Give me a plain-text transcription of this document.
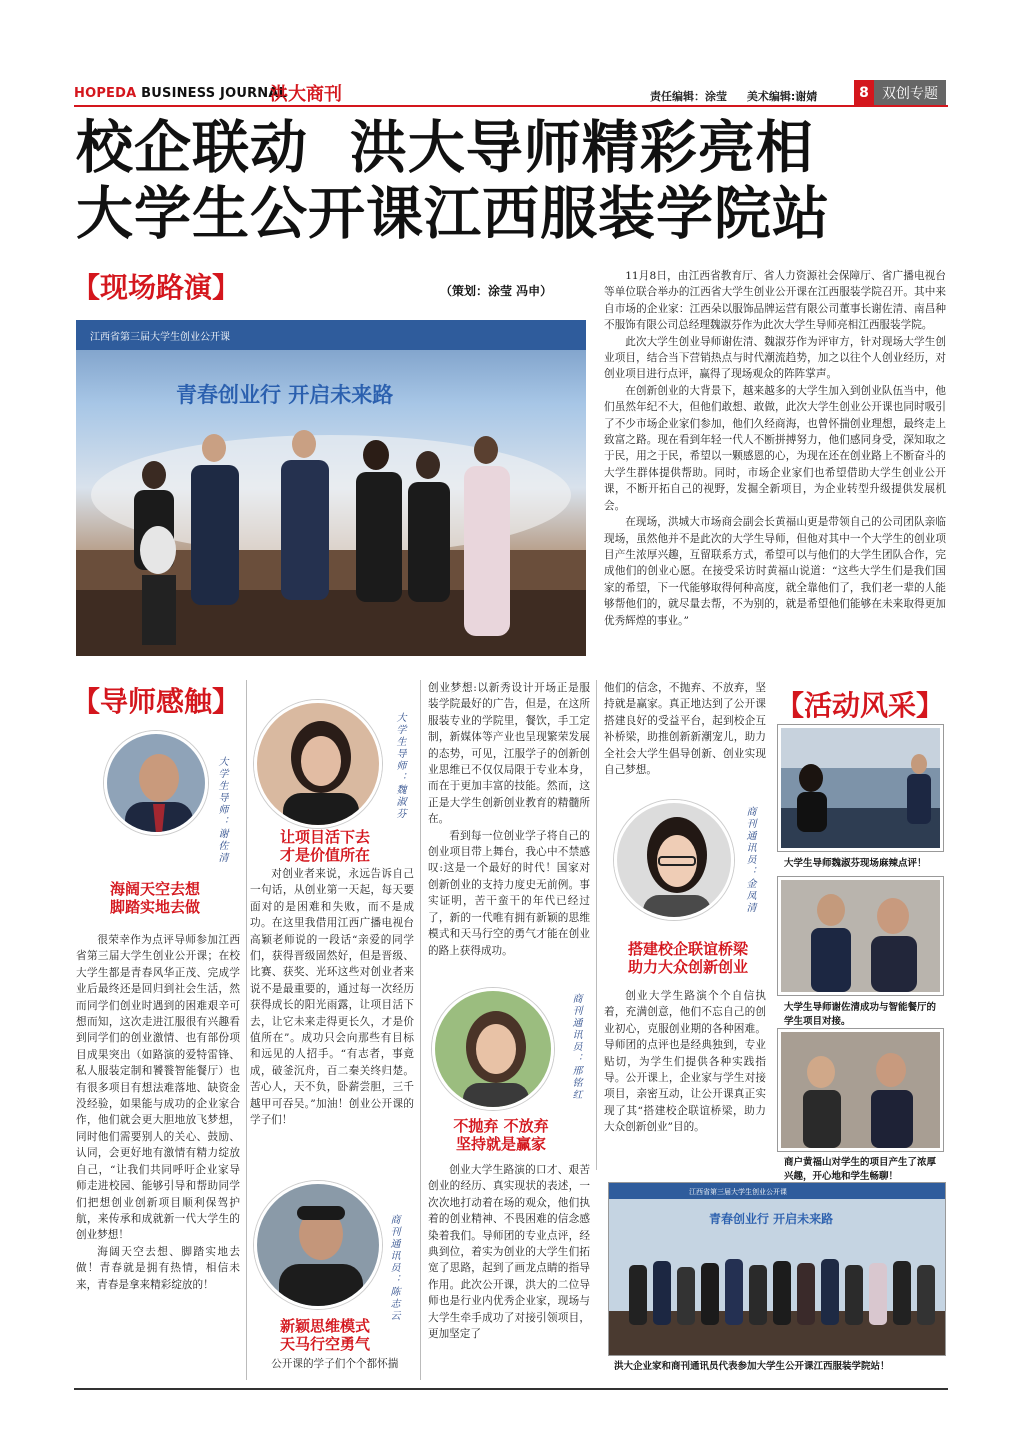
HOPEDA BUSINESS JOURNAL
洪大商刊	责任编辑：涂莹 美术编辑:谢婧	8 双创专题
校企联动  洪大导师精彩亮相
大学生公开课江西服装学院站
【现场路演】	（策划：涂莹 冯申）
江西省第三届大学生创业公开课
青春创业行 开启未来路

11月8日，由江西省教育厅、省人力资源社会保障厅、省广播电视台等单位联合举办的江西省大学生创业公开课在江西服装学院召开。其中来自市场的企业家：江西朵以服饰品牌运营有限公司董事长谢佐清、南昌种不服饰有限公司总经理魏淑芬作为此次大学生导师亮相江西服装学院。

此次大学生创业导师谢佐清、魏淑芬作为评审方，针对现场大学生创业项目，结合当下营销热点与时代潮流趋势，加之以往个人创业经历，对创业项目进行点评，赢得了现场观众的阵阵掌声。

在创新创业的大背景下，越来越多的大学生加入到创业队伍当中，他们虽然年纪不大，但他们敢想、敢做，此次大学生创业公开课也同时吸引了不少市场企业家们参加，他们久经商海，也曾怀揣创业理想，最终走上致富之路。现在看到年轻一代人不断拼搏努力，他们感同身受，深知取之于民，用之于民，希望以一颗感恩的心，为现在还在创业路上不断奋斗的大学生群体提供帮助。同时，市场企业家们也希望借助大学生创业公开课，不断开拓自己的视野，发掘全新项目，为企业转型升级提供发展机会。

在现场，洪城大市场商会副会长黄福山更是带领自己的公司团队亲临现场，虽然他并不是此次的大学生导师，但他对其中一个大学生的创业项目产生浓厚兴趣，互留联系方式，希望可以与他们的大学生团队合作，完成他们的创业心愿。在接受采访时黄福山说道：“这些大学生们是我们国家的希望，下一代能够取得何种高度，就全靠他们了，我们老一辈的人能够帮他们的，就尽量去帮，不为别的，就是希望他们能够在未来取得更加优秀辉煌的事业。”

【导师感触】
大学生导师：谢佐清
海阔天空去想
脚踏实地去做

很荣幸作为点评导师参加江西省第三届大学生创业公开课；在校大学生都是青春风华正茂、完成学业后最终还是回归到社会生活，然而同学们创业时遇到的困难艰辛可想而知，这次走进江服很有兴趣看到同学们的创业激情、也有部份项目成果突出（如路演的爱特雷锋、私人服装定制和饕餮智能餐厅）也有很多项目有想法难落地、缺资金没经验，如果能与成功的企业家合作，他们就会更大胆地放飞梦想，同时他们需要别人的关心、鼓励、认同，会更好地有激情有精力绽放自己，“让我们共同呼吁企业家导师走进校园、能够引导和帮助同学们把想创业创新项目顺利保驾护航，来传承和成就新一代大学生的创业梦想！

海阔天空去想、脚踏实地去做！青春就是拥有热情，相信未来，青春是拿来精彩绽放的！

大学生导师：魏淑芬
让项目活下去
才是价值所在

对创业者来说，永远告诉自己一句话，从创业第一天起，每天要面对的是困难和失败，而不是成功。在这里我借用江西广播电视台高颖老师说的一段话“亲爱的同学们，获得晋级固然好，但是晋级、比赛、获奖、光环这些对创业者来说不是最重要的，通过每一次经历获得成长的阳光雨露，让项目活下去，让它未来走得更长久，才是价值所在”。成功只会向那些有目标和远见的人招手。“有志者，事竟成，破釜沉舟，百二秦关终归楚。苦心人，天不负，卧薪尝胆，三千越甲可吞吴。”加油！创业公开课的学子们！

商刊通讯员：陈志云
新颖思维模式
天马行空勇气

公开课的学子们个个都怀揣

创业梦想:以新秀设计开场正是服装学院最好的广告，但是，在这所服装专业的学院里，餐饮，手工定制，新媒体等产业也呈现繁荣发展的态势，可见，江服学子的创新创业思维已不仅仅局限于专业本身，而在于更加丰富的技能。然而，这正是大学生创新创业教育的精髓所在。

看到每一位创业学子将自己的创业项目带上舞台，我心中不禁感叹:这是一个最好的时代！国家对创新创业的支持力度史无前例。事实证明，苦干蛮干的年代已经过了，新的一代唯有拥有新颖的思维模式和天马行空的勇气才能在创业的路上获得成功。

商刊通讯员：邢铭红
不抛弃 不放弃
坚持就是赢家

创业大学生路演的口才、艰苦创业的经历、真实现状的表述，一次次地打动着在场的观众，他们执着的创业精神、不畏困难的信念感染着我们。导师团的专业点评，经典到位，着实为创业的大学生们拓宽了思路，起到了画龙点睛的指导作用。此次公开课，洪大的二位导师也是行业内优秀企业家，现场与大学生牵手成功了对接引领项目，更加坚定了

他们的信念，不抛弃、不放弃，坚持就是赢家。真正地达到了公开课搭建良好的受益平台，起到校企互补桥梁，助推创新新潮宠儿，助力全社会大学生倡导创新、创业实现自己梦想。

商刊通讯员：金凤清
搭建校企联谊桥梁
助力大众创新创业

创业大学生路演个个自信执着，充满创意，他们不忘自己的创业初心，克服创业期的各种困难。导师团的点评也是经典独到，专业贴切，为学生们提供各种实践指导。公开课上，企业家与学生对接项目，亲密互动，让公开课真正实现了其“搭建校企联谊桥梁，助力大众创新创业”目的。

【活动风采】
大学生导师魏淑芬现场麻辣点评！
大学生导师谢佐清成功与智能餐厅的学生项目对接。
商户黄福山对学生的项目产生了浓厚兴趣，开心地和学生畅聊！
江西省第三届大学生创业公开课
青春创业行 开启未来路
洪大企业家和商刊通讯员代表参加大学生公开课江西服装学院站！
